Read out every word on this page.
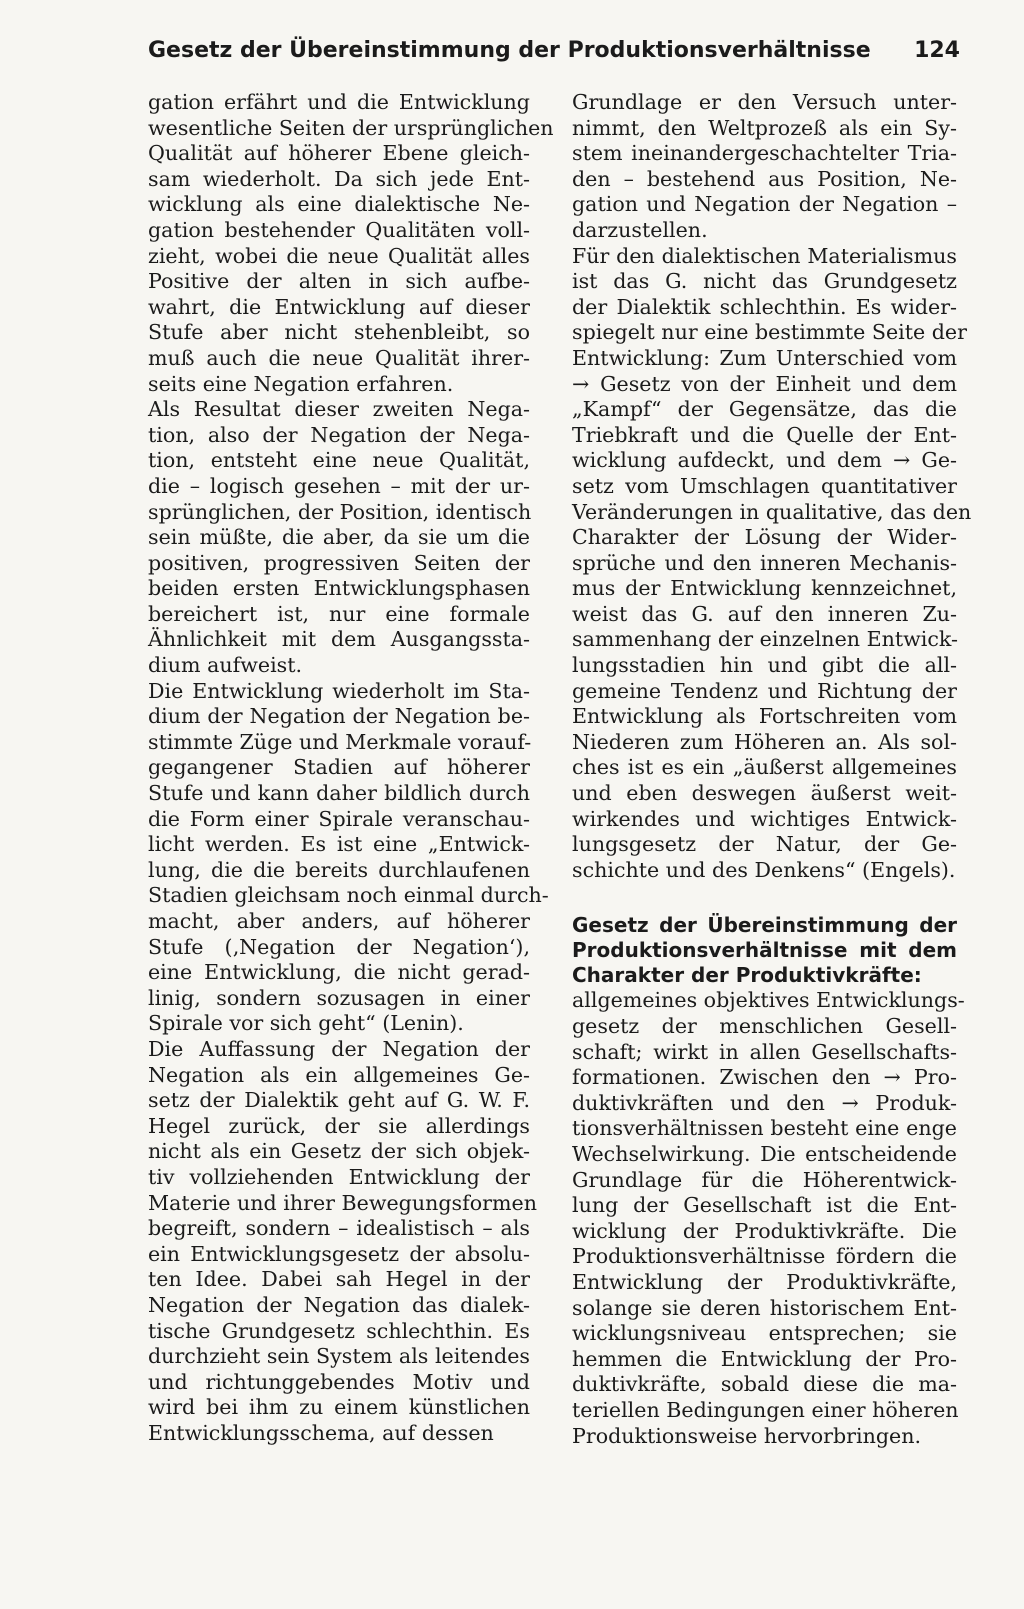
Gesetz der Übereinstimmung der Produktionsverhältnisse 124

gation erfährt und die Entwicklung
wesentliche Seiten der ursprünglichen
Qualität auf höherer Ebene gleich-
sam wiederholt. Da sich jede Ent-
wicklung als eine dialektische Ne-
gation bestehender Qualitäten voll-
zieht, wobei die neue Qualität alles
Positive der alten in sich aufbe-
wahrt, die Entwicklung auf dieser
Stufe aber nicht stehenbleibt, so
muß auch die neue Qualität ihrer-
seits eine Negation erfahren.
Als Resultat dieser zweiten Nega-
tion, also der Negation der Nega-
tion, entsteht eine neue Qualität,
die – logisch gesehen – mit der ur-
sprünglichen, der Position, identisch
sein müßte, die aber, da sie um die
positiven, progressiven Seiten der
beiden ersten Entwicklungsphasen
bereichert ist, nur eine formale
Ähnlichkeit mit dem Ausgangssta-
dium aufweist.
Die Entwicklung wiederholt im Sta-
dium der Negation der Negation be-
stimmte Züge und Merkmale vorauf-
gegangener Stadien auf höherer
Stufe und kann daher bildlich durch
die Form einer Spirale veranschau-
licht werden. Es ist eine „Entwick-
lung, die die bereits durchlaufenen
Stadien gleichsam noch einmal durch-
macht, aber anders, auf höherer
Stufe (‚Negation der Negation‘),
eine Entwicklung, die nicht gerad-
linig, sondern sozusagen in einer
Spirale vor sich geht“ (Lenin).
Die Auffassung der Negation der
Negation als ein allgemeines Ge-
setz der Dialektik geht auf G. W. F.
Hegel zurück, der sie allerdings
nicht als ein Gesetz der sich objek-
tiv vollziehenden Entwicklung der
Materie und ihrer Bewegungsformen
begreift, sondern – idealistisch – als
ein Entwicklungsgesetz der absolu-
ten Idee. Dabei sah Hegel in der
Negation der Negation das dialek-
tische Grundgesetz schlechthin. Es
durchzieht sein System als leitendes
und richtunggebendes Motiv und
wird bei ihm zu einem künstlichen
Entwicklungsschema, auf dessen

Grundlage er den Versuch unter-
nimmt, den Weltprozeß als ein Sy-
stem ineinandergeschachtelter Tria-
den – bestehend aus Position, Ne-
gation und Negation der Negation –
darzustellen.
Für den dialektischen Materialismus
ist das G. nicht das Grundgesetz
der Dialektik schlechthin. Es wider-
spiegelt nur eine bestimmte Seite der
Entwicklung: Zum Unterschied vom
→ Gesetz von der Einheit und dem
„Kampf“ der Gegensätze, das die
Triebkraft und die Quelle der Ent-
wicklung aufdeckt, und dem → Ge-
setz vom Umschlagen quantitativer
Veränderungen in qualitative, das den
Charakter der Lösung der Wider-
sprüche und den inneren Mechanis-
mus der Entwicklung kennzeichnet,
weist das G. auf den inneren Zu-
sammenhang der einzelnen Entwick-
lungsstadien hin und gibt die all-
gemeine Tendenz und Richtung der
Entwicklung als Fortschreiten vom
Niederen zum Höheren an. Als sol-
ches ist es ein „äußerst allgemeines
und eben deswegen äußerst weit-
wirkendes und wichtiges Entwick-
lungsgesetz der Natur, der Ge-
schichte und des Denkens“ (Engels).

Gesetz der Übereinstimmung der
Produktionsverhältnisse mit dem
Charakter der Produktivkräfte:

allgemeines objektives Entwicklungs-
gesetz der menschlichen Gesell-
schaft; wirkt in allen Gesellschafts-
formationen. Zwischen den → Pro-
duktivkräften und den → Produk-
tionsverhältnissen besteht eine enge
Wechselwirkung. Die entscheidende
Grundlage für die Höherentwick-
lung der Gesellschaft ist die Ent-
wicklung der Produktivkräfte. Die
Produktionsverhältnisse fördern die
Entwicklung der Produktivkräfte,
solange sie deren historischem Ent-
wicklungsniveau entsprechen; sie
hemmen die Entwicklung der Pro-
duktivkräfte, sobald diese die ma-
teriellen Bedingungen einer höheren
Produktionsweise hervorbringen.
